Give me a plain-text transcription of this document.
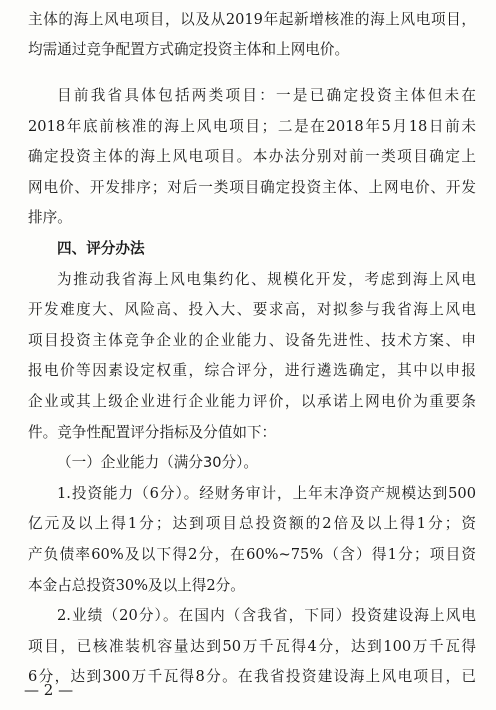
主体的海上风电项目，以及从2019年起新增核准的海上风电项目，
均需通过竞争配置方式确定投资主体和上网电价。
目前我省具体包括两类项目：一是已确定投资主体但未在
2018年底前核准的海上风电项目；二是在2018年5月18日前未
确定投资主体的海上风电项目。本办法分别对前一类项目确定上
网电价、开发排序；对后一类项目确定投资主体、上网电价、开发
排序。
四、评分办法
为推动我省海上风电集约化、规模化开发，考虑到海上风电
开发难度大、风险高、投入大、要求高，对拟参与我省海上风电
项目投资主体竞争企业的企业能力、设备先进性、技术方案、申
报电价等因素设定权重，综合评分，进行遴选确定，其中以申报
企业或其上级企业进行企业能力评价，以承诺上网电价为重要条
件。竞争性配置评分指标及分值如下：
（一）企业能力（满分30分）。
1.投资能力（6分）。经财务审计，上年末净资产规模达到500
亿元及以上得1分；达到项目总投资额的2倍及以上得1分；资
产负债率60%及以下得2分，在60%~75%（含）得1分；项目资
本金占总投资30%及以上得2分。
2.业绩（20分）。在国内（含我省，下同）投资建设海上风电
项目，已核准装机容量达到50万千瓦得4分，达到100万千瓦得
6分，达到300万千瓦得8分。在我省投资建设海上风电项目，已
— 2 —
